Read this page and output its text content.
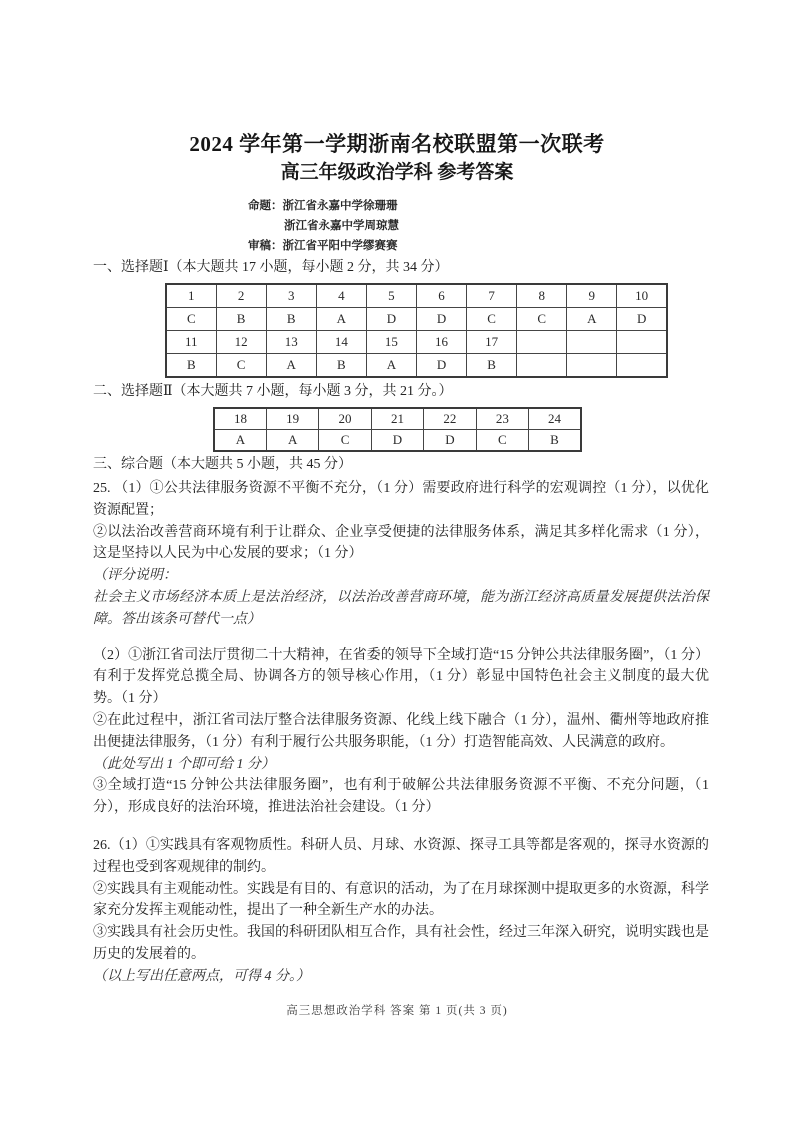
2024 学年第一学期浙南名校联盟第一次联考
高三年级政治学科 参考答案
命题：浙江省永嘉中学徐珊珊
浙江省永嘉中学周琼慧
审稿：浙江省平阳中学缪赛赛
一、选择题Ⅰ（本大题共 17 小题，每小题 2 分，共 34 分）
1	2	3	4	5	6	7	8	9	10
C	B	B	A	D	D	C	C	A	D
11	12	13	14	15	16	17			
B	C	A	B	A	D	B			
二、选择题Ⅱ（本大题共 7 小题，每小题 3 分，共 21 分。）
18	19	20	21	22	23	24
A	A	C	D	D	C	B
三、综合题（本大题共 5 小题，共 45 分）

25. （1）①公共法律服务资源不平衡不充分，（1 分）需要政府进行科学的宏观调控（1 分），以优化资源配置；

②以法治改善营商环境有利于让群众、企业享受便捷的法律服务体系，满足其多样化需求（1 分），这是坚持以人民为中心发展的要求；（1 分）

（评分说明：

社会主义市场经济本质上是法治经济，以法治改善营商环境，能为浙江经济高质量发展提供法治保障。答出该条可替代一点）

（2）①浙江省司法厅贯彻二十大精神，在省委的领导下全域打造“15 分钟公共法律服务圈”，（1 分）有利于发挥党总揽全局、协调各方的领导核心作用，（1 分）彰显中国特色社会主义制度的最大优势。（1 分）

②在此过程中，浙江省司法厅整合法律服务资源、化线上线下融合（1 分），温州、衢州等地政府推出便捷法律服务，（1 分）有利于履行公共服务职能，（1 分）打造智能高效、人民满意的政府。

（此处写出 1 个即可给 1 分）

③全域打造“15 分钟公共法律服务圈”，也有利于破解公共法律服务资源不平衡、不充分问题，（1 分），形成良好的法治环境，推进法治社会建设。（1 分）

26.（1）①实践具有客观物质性。科研人员、月球、水资源、探寻工具等都是客观的，探寻水资源的过程也受到客观规律的制约。

②实践具有主观能动性。实践是有目的、有意识的活动，为了在月球探测中提取更多的水资源，科学家充分发挥主观能动性，提出了一种全新生产水的办法。

③实践具有社会历史性。我国的科研团队相互合作，具有社会性，经过三年深入研究，说明实践也是历史的发展着的。

（以上写出任意两点，可得 4 分。）

高三思想政治学科 答案 第 1 页(共 3 页)
